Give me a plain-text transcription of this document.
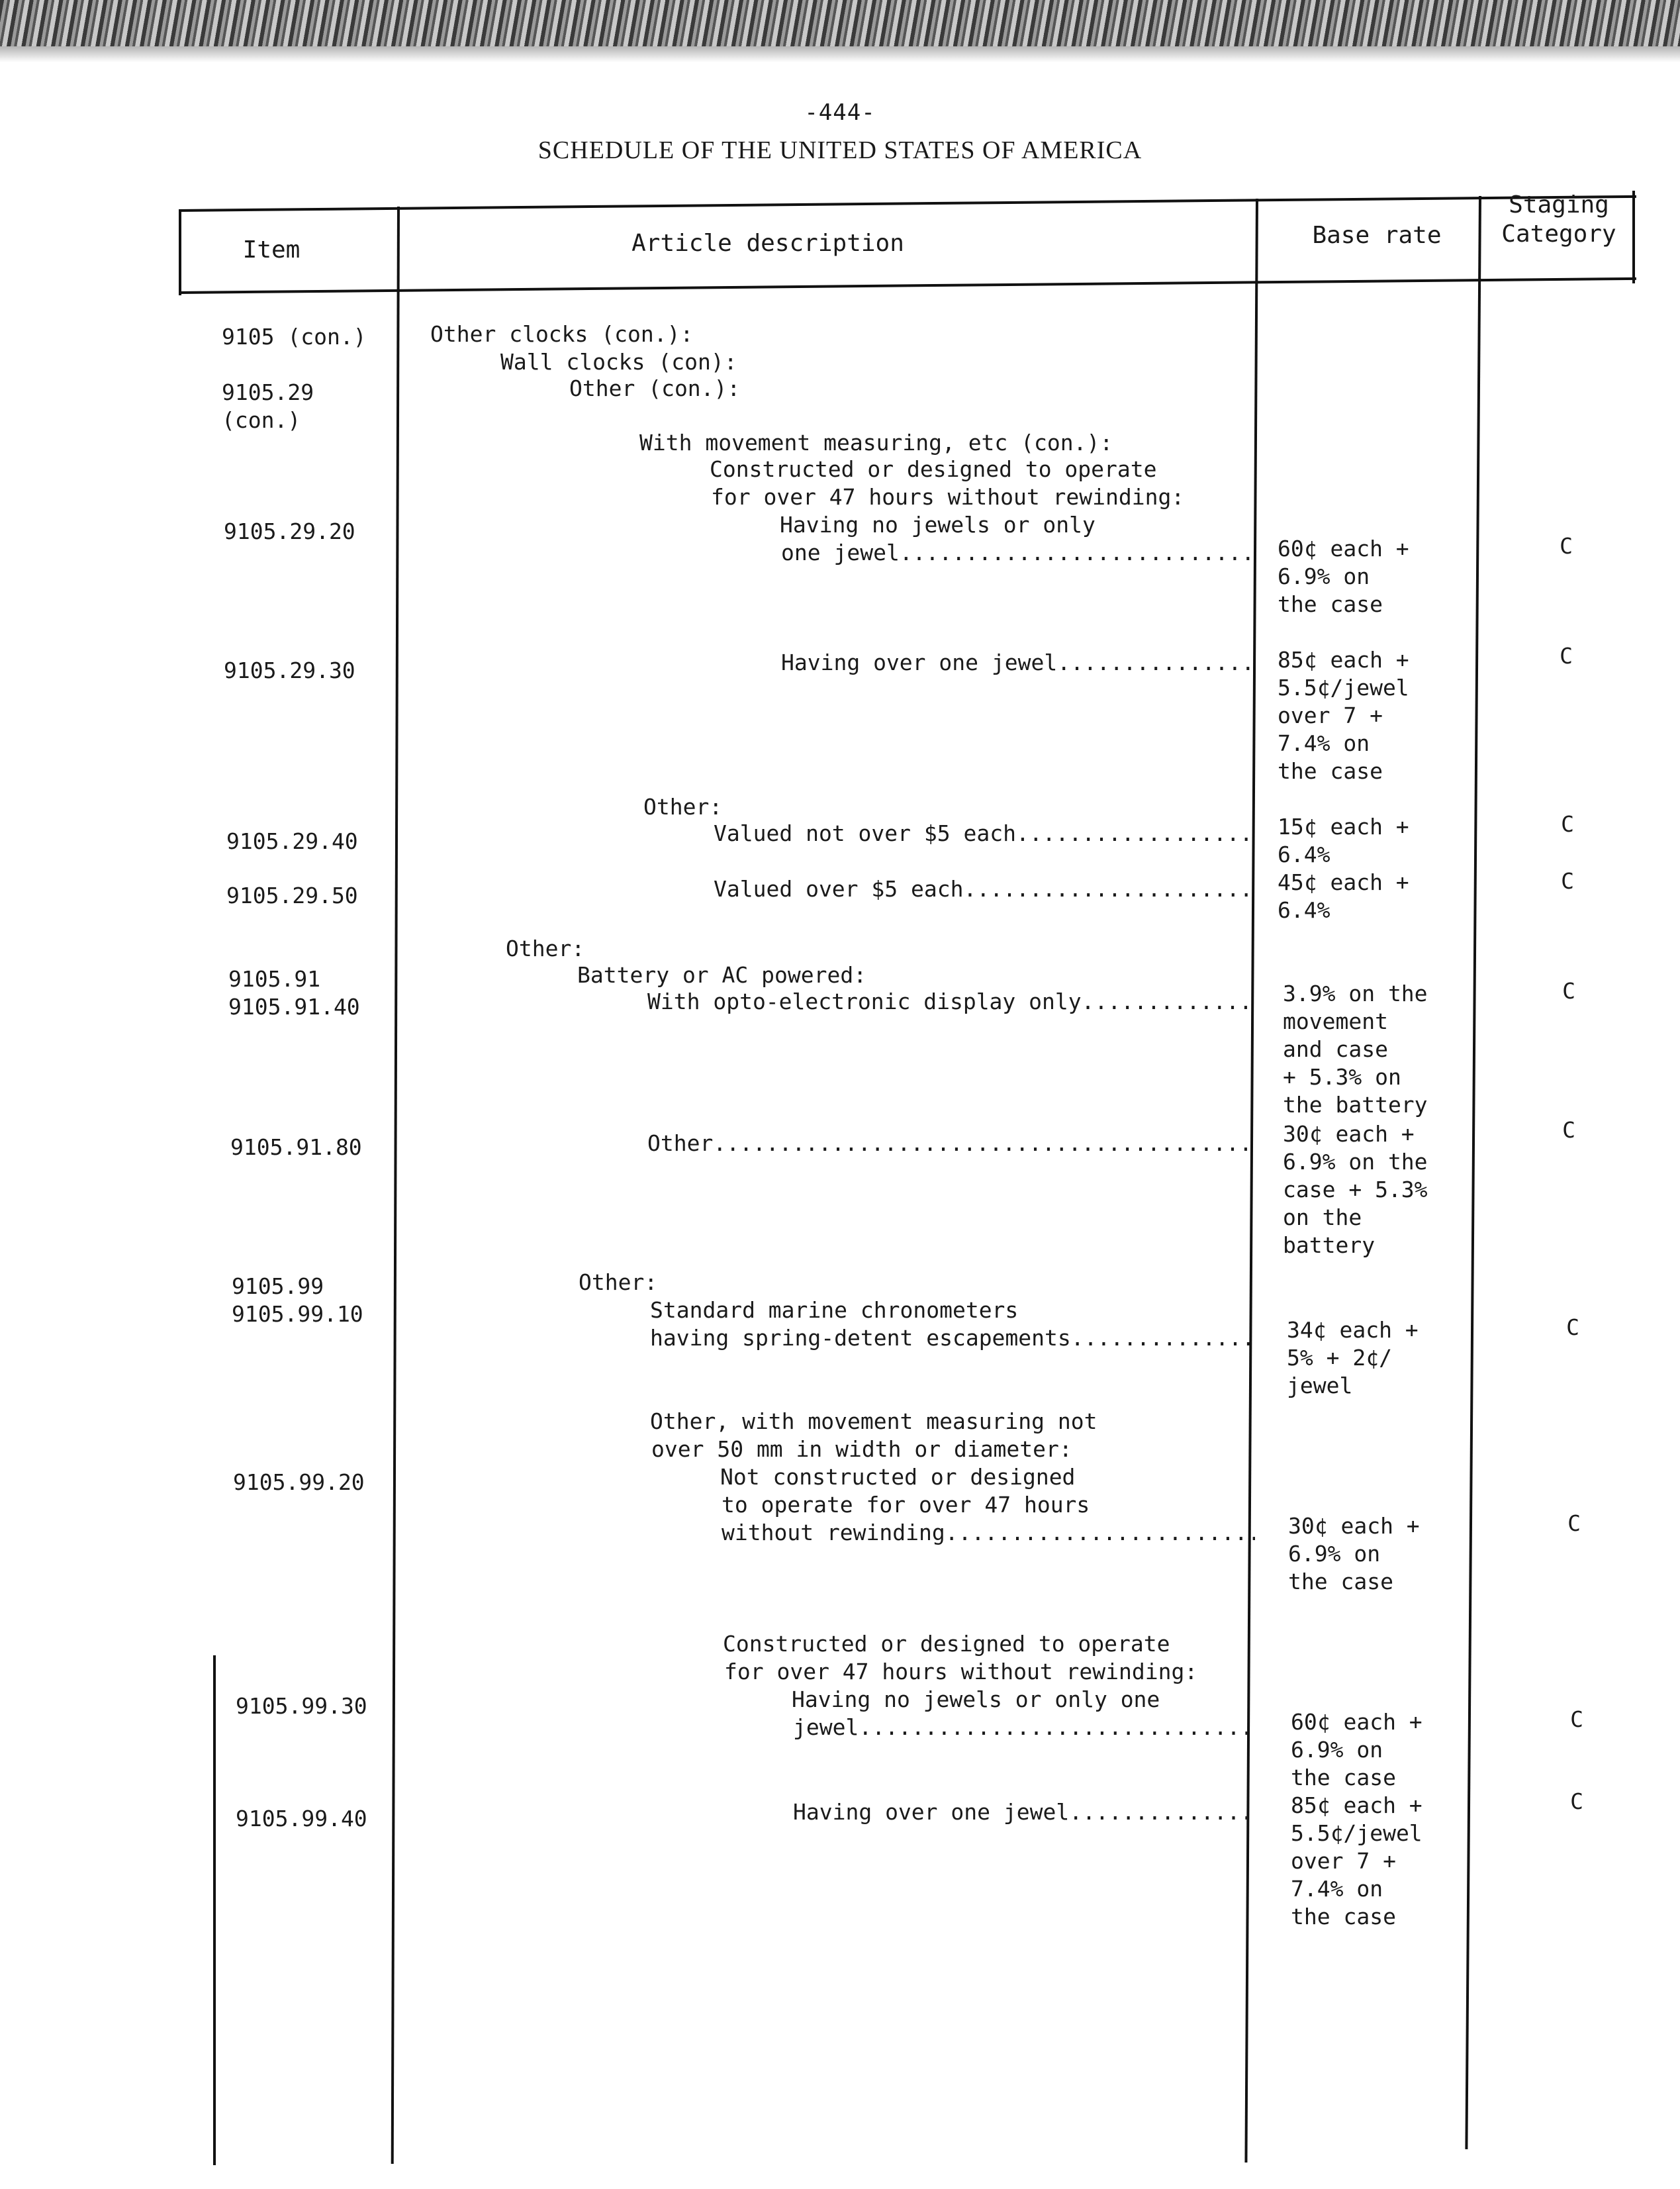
-444-
SCHEDULE OF THE UNITED STATES OF AMERICA
Item	Article description	Base rate
Staging
Category
9105 (con.)
9105.29
(con.)
9105.29.20
9105.29.30
9105.29.40
9105.29.50
9105.91
9105.91.40
9105.91.80
9105.99
9105.99.10
9105.99.20
9105.99.30
9105.99.40
Other clocks (con.):
Wall clocks (con):
Other (con.):
With movement measuring, etc (con.):
Constructed or designed to operate
for over 47 hours without rewinding:
Having no jewels or only
one jewel
.....
Having over one jewel
.....
Other:
Valued not over $5 each
.....
Valued over $5 each
.....
Other:
Battery or AC powered:
With opto-electronic display only
.....
Other
.....
Other:
Standard marine chronometers
having spring-detent escapements
.....
Other, with movement measuring not
over 50 mm in width or diameter:
Not constructed or designed
to operate for over 47 hours
without rewinding
.....
Constructed or designed to operate
for over 47 hours without rewinding:
Having no jewels or only one
jewel
.....
Having over one jewel
.....
60¢ each +
6.9% on
the case
85¢ each +
5.5¢/jewel
over 7 +
7.4% on
the case
15¢ each +
6.4%
45¢ each +
6.4%
3.9% on the
movement
and case
+ 5.3% on
the battery
30¢ each +
6.9% on the
case + 5.3%
on the
battery
34¢ each +
5% + 2¢/
jewel
30¢ each +
6.9% on
the case
60¢ each +
6.9% on
the case
85¢ each +
5.5¢/jewel
over 7 +
7.4% on
the case
C
C
C
C
C
C
C
C
C
C
